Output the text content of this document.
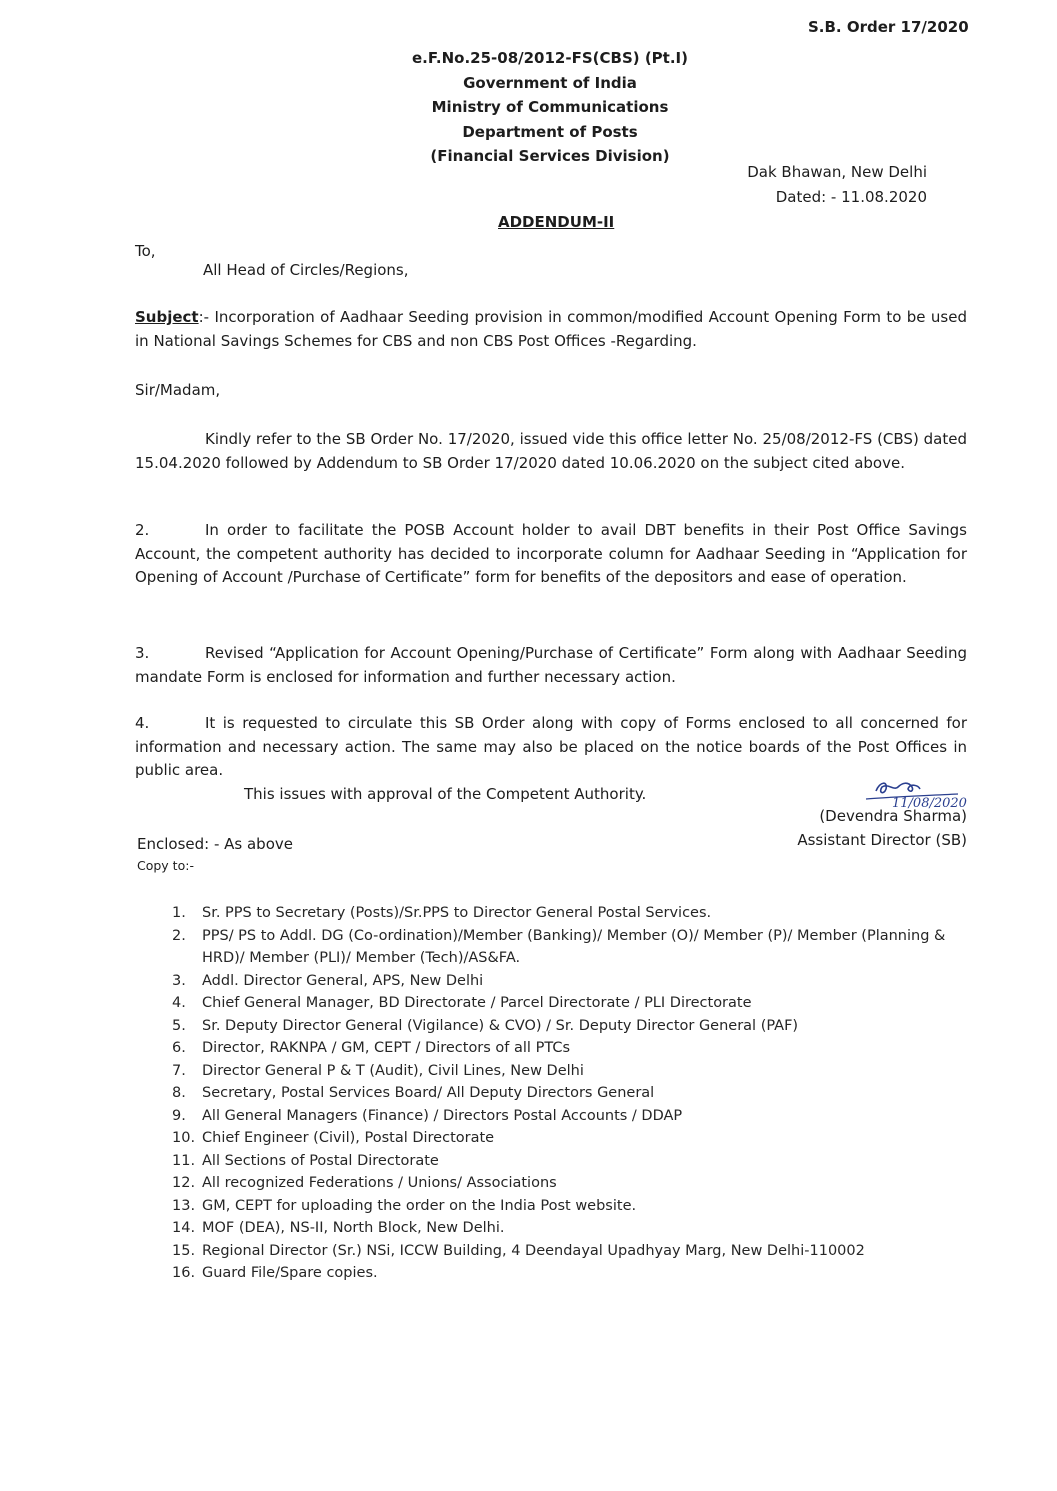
S.B. Order 17/2020
e.F.No.25-08/2012-FS(CBS) (Pt.I)
Government of India
Ministry of Communications
Department of Posts
(Financial Services Division)
Dak Bhawan, New Delhi
Dated: - 11.08.2020
ADDENDUM-II
To,
All Head of Circles/Regions,
Subject:- Incorporation of Aadhaar Seeding provision in common/modified Account Opening Form to be used in National Savings Schemes for CBS and non CBS Post Offices -Regarding.
Sir/Madam,
Kindly refer to the SB Order No. 17/2020, issued vide this office letter No. 25/08/2012-FS (CBS) dated 15.04.2020 followed by Addendum to SB Order 17/2020 dated 10.06.2020 on the subject cited above.
2.	In order to facilitate the POSB Account holder to avail DBT benefits in their Post Office Savings Account, the competent authority has decided to incorporate column for Aadhaar Seeding in “Application for Opening of Account /Purchase of Certificate” form for benefits of the depositors and ease of operation.
3.	Revised “Application for Account Opening/Purchase of Certificate” Form along with Aadhaar Seeding mandate Form is enclosed for information and further necessary action.
4.	It is requested to circulate this SB Order along with copy of Forms enclosed to all concerned for information and necessary action. The same may also be placed on the notice boards of the Post Offices in public area.
This issues with approval of the Competent Authority.
11/08/2020
(Devendra Sharma)
Assistant Director (SB)
Enclosed: - As above
Copy to:-
1. Sr. PPS to Secretary (Posts)/Sr.PPS to Director General Postal Services.
2. PPS/ PS to Addl. DG (Co-ordination)/Member (Banking)/ Member (O)/ Member (P)/ Member (Planning & HRD)/ Member (PLI)/ Member (Tech)/AS&FA.
3. Addl. Director General, APS, New Delhi
4. Chief General Manager, BD Directorate / Parcel Directorate / PLI Directorate
5. Sr. Deputy Director General (Vigilance) & CVO) / Sr. Deputy Director General (PAF)
6. Director, RAKNPA / GM, CEPT / Directors of all PTCs
7. Director General P & T (Audit), Civil Lines, New Delhi
8. Secretary, Postal Services Board/ All Deputy Directors General
9. All General Managers (Finance) / Directors Postal Accounts / DDAP
10. Chief Engineer (Civil), Postal Directorate
11. All Sections of Postal Directorate
12. All recognized Federations / Unions/ Associations
13. GM, CEPT for uploading the order on the India Post website.
14. MOF (DEA), NS-II, North Block, New Delhi.
15. Regional Director (Sr.) NSi, ICCW Building, 4 Deendayal Upadhyay Marg, New Delhi-110002
16. Guard File/Spare copies.
